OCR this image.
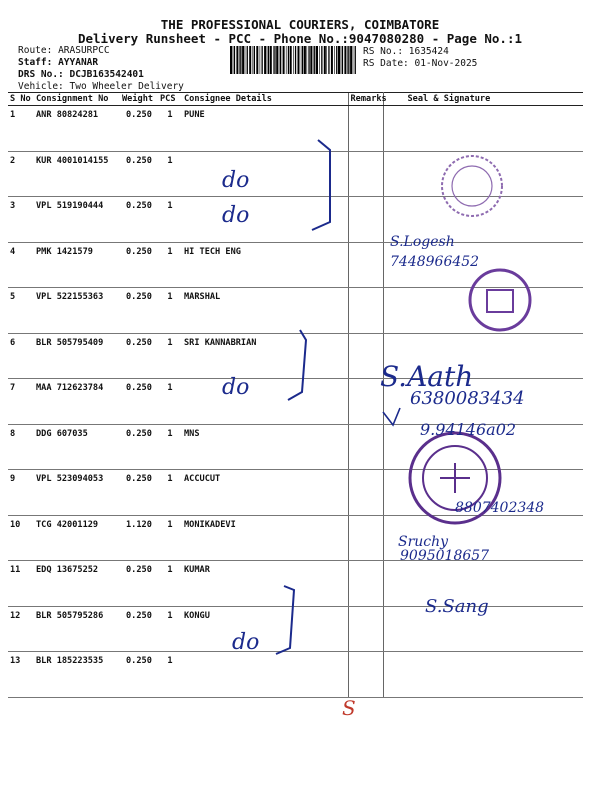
THE PROFESSIONAL COURIERS, COIMBATORE
Delivery Runsheet - PCC - Phone No.:9047080280 - Page No.:1
Route: ARASURPCC
Staff: AYYANAR
DRS No.: DCJB163542401
Vehicle: Two Wheeler Delivery
RS No.: 1635424
RS Date: 01-Nov-2025
S No	Consignment No	Weight	PCS	Consignee Details	Remarks	Seal & Signature
1	ANR 80824281	0.250	1	PUNE		
2	KUR 4001014155	0.250	1			
3	VPL 519190444	0.250	1			
4	PMK 1421579	0.250	1	HI TECH ENG		
5	VPL 522155363	0.250	1	MARSHAL		
6	BLR 505795409	0.250	1	SRI KANNABRIAN		
7	MAA 712623784	0.250	1			
8	DDG 607035	0.250	1	MNS		
9	VPL 523094053	0.250	1	ACCUCUT		
10	TCG 42001129	1.120	1	MONIKADEVI		
11	EDQ 13675252	0.250	1	KUMAR		
12	BLR 505795286	0.250	1	KONGU		
13	BLR 185223535	0.250	1			
do
do
do
do
S.Logesh
7448966452
S.Aath
6380083434
9.94146a02
8807402348
Sruchy
9095018657
S.Sang
S
